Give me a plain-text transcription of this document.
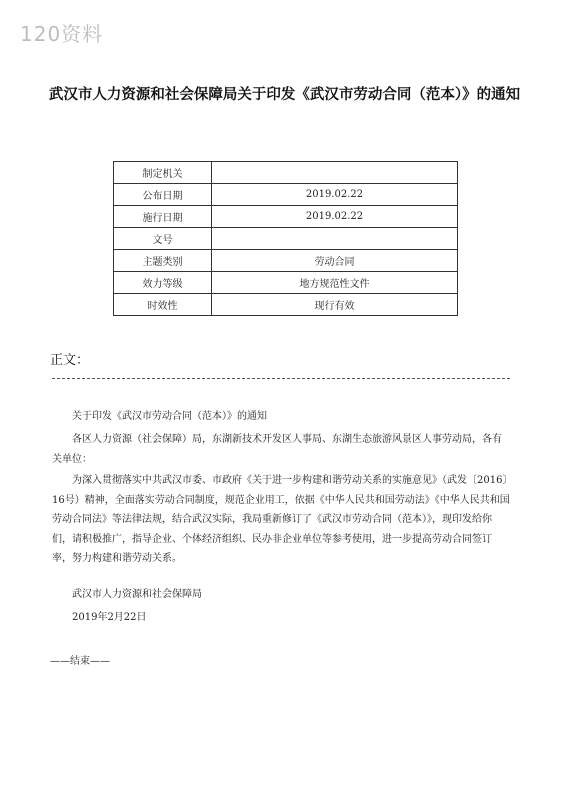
120资料
武汉市人力资源和社会保障局关于印发《武汉市劳动合同（范本）》的通知
制定机关	
公布日期	2019.02.22
施行日期	2019.02.22
文号	
主题类别	劳动合同
效力等级	地方规范性文件
时效性	现行有效
正文：

关于印发《武汉市劳动合同（范本）》的通知

各区人力资源（社会保障）局，东湖新技术开发区人事局、东湖生态旅游风景区人事劳动局，各有关单位：

为深入贯彻落实中共武汉市委、市政府《关于进一步构建和谐劳动关系的实施意见》（武发〔2016〕16号）精神，全面落实劳动合同制度，规范企业用工，依据《中华人民共和国劳动法》《中华人民共和国劳动合同法》等法律法规，结合武汉实际，我局重新修订了《武汉市劳动合同（范本）》，现印发给你们，请积极推广，指导企业、个体经济组织、民办非企业单位等参考使用，进一步提高劳动合同签订率，努力构建和谐劳动关系。

武汉市人力资源和社会保障局

2019年2月22日

——结束——
